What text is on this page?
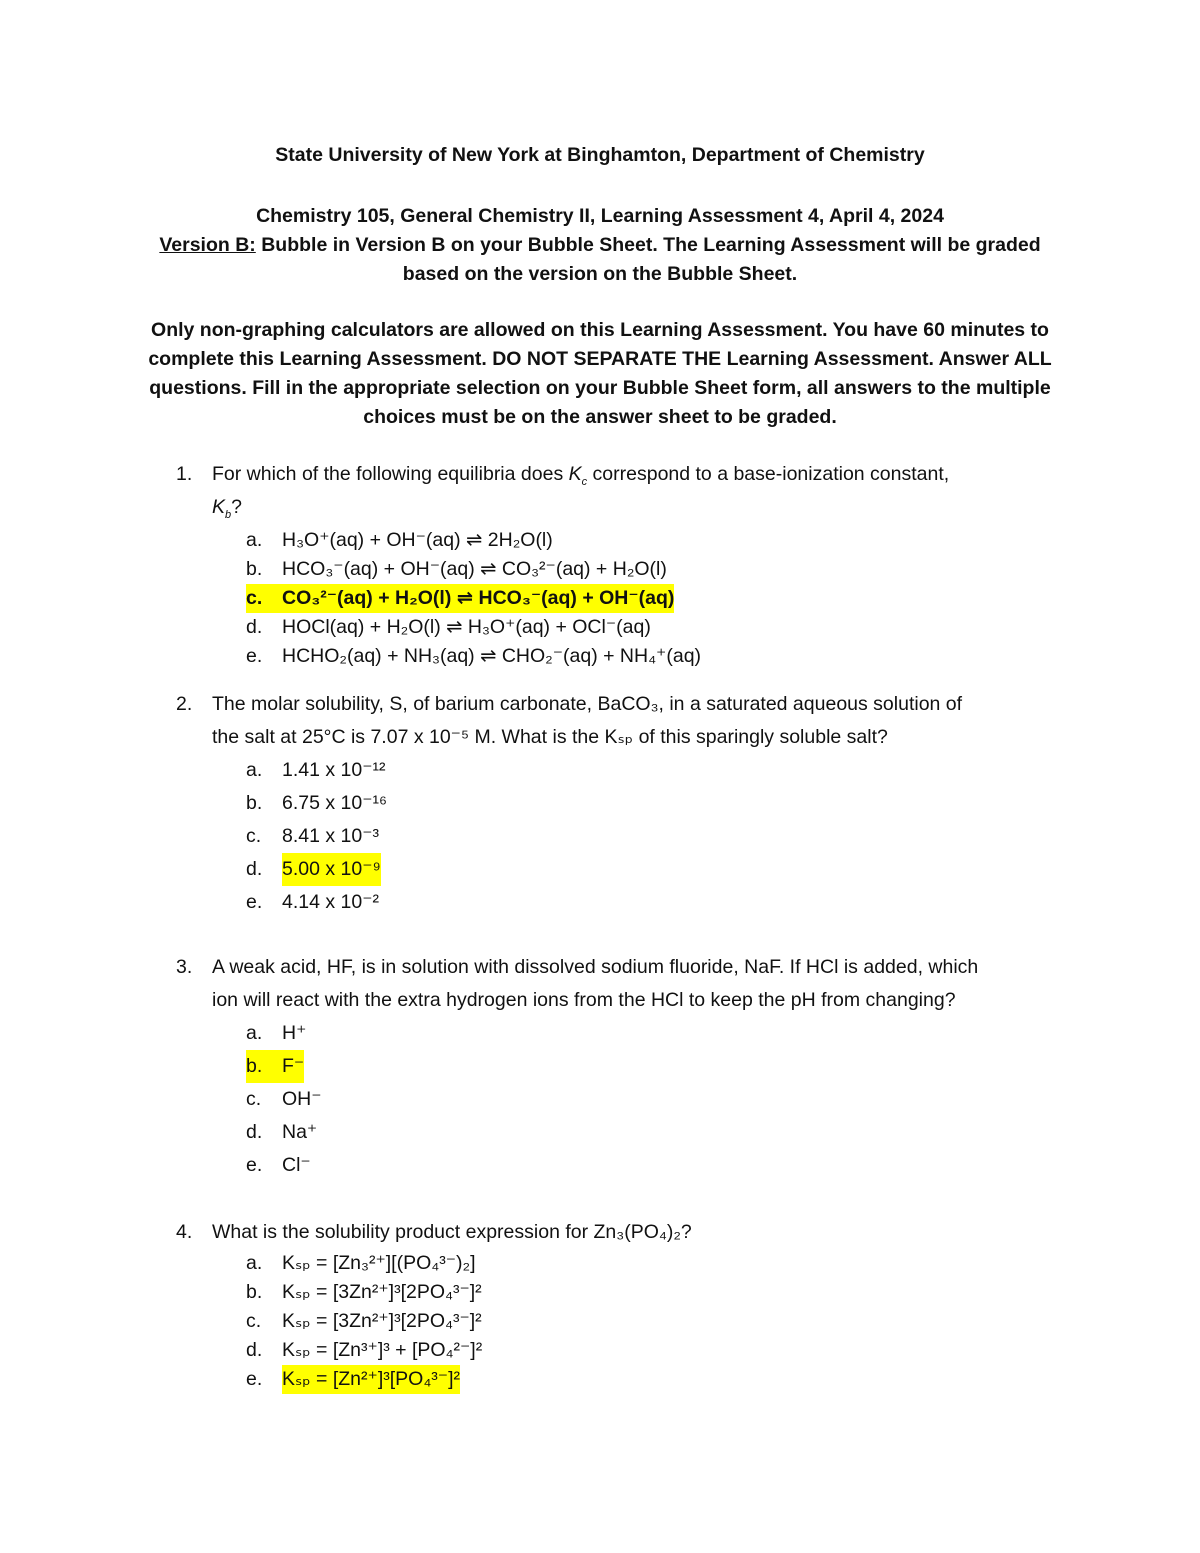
State University of New York at Binghamton, Department of Chemistry
Chemistry 105, General Chemistry II, Learning Assessment 4, April 4, 2024
Version B: Bubble in Version B on your Bubble Sheet. The Learning Assessment will be graded based on the version on the Bubble Sheet.
Only non-graphing calculators are allowed on this Learning Assessment. You have 60 minutes to complete this Learning Assessment. DO NOT SEPARATE THE Learning Assessment. Answer ALL questions. Fill in the appropriate selection on your Bubble Sheet form, all answers to the multiple choices must be on the answer sheet to be graded.
1.	For which of the following equilibria does $K_c$ correspond to a base-ionization constant,
$K_b$?
a.	H₃O⁺(aq) + OH⁻(aq) ⇌ 2H₂O(l)
b.	HCO₃⁻(aq) + OH⁻(aq) ⇌ CO₃²⁻(aq) + H₂O(l)
c.	CO₃²⁻(aq) + H₂O(l) ⇌ HCO₃⁻(aq) + OH⁻(aq)
d.	HOCl(aq) + H₂O(l) ⇌ H₃O⁺(aq) + OCl⁻(aq)
e.	HCHO₂(aq) + NH₃(aq) ⇌ CHO₂⁻(aq) + NH₄⁺(aq)
2.	The molar solubility, S, of barium carbonate, BaCO₃, in a saturated aqueous solution of
the salt at 25°C is 7.07 x 10⁻⁵ M. What is the Kₛₚ of this sparingly soluble salt?
a.	1.41 x 10⁻¹²
b.	6.75 x 10⁻¹⁶
c.	8.41 x 10⁻³
d.	5.00 x 10⁻⁹
e.	4.14 x 10⁻²
3.	A weak acid, HF, is in solution with dissolved sodium fluoride, NaF. If HCl is added, which
ion will react with the extra hydrogen ions from the HCl to keep the pH from changing?
a.	H⁺
b.	F⁻
c.	OH⁻
d.	Na⁺
e.	Cl⁻
4.	What is the solubility product expression for Zn₃(PO₄)₂?
a.	Kₛₚ = [Zn₃²⁺][(PO₄³⁻)₂]
b.	Kₛₚ = [3Zn²⁺]³[2PO₄³⁻]²
c.	Kₛₚ = [3Zn²⁺]³[2PO₄³⁻]²
d.	Kₛₚ = [Zn³⁺]³ + [PO₄²⁻]²
e.	Kₛₚ = [Zn²⁺]³[PO₄³⁻]²
